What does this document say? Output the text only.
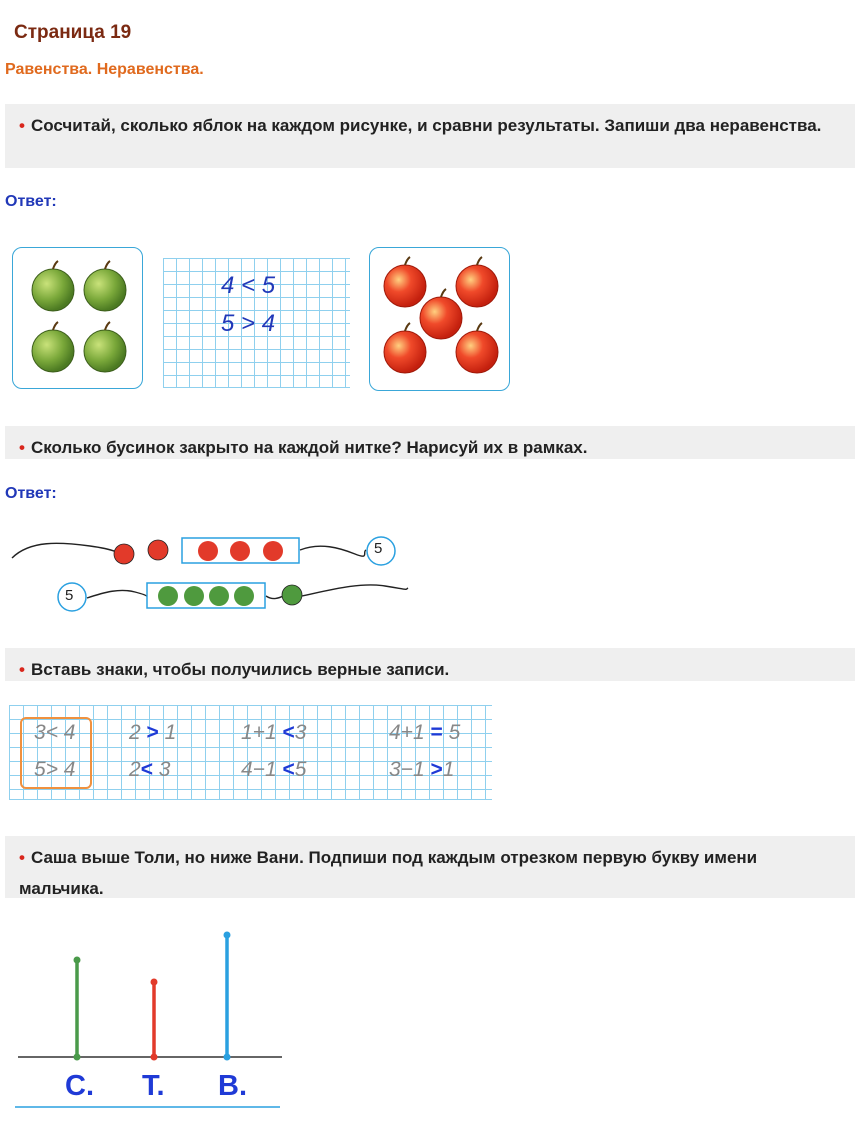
Страница 19
Равенства. Неравенства.
• Сосчитай, сколько яблок на каждом рисунке, и сравни результаты. Запиши два неравенства.
Ответ:
4 < 5
5 > 4
• Сколько бусинок закрыто на каждой нитке? Нарисуй их в рамках.
Ответ:
5
5
• Вставь знаки, чтобы получились верные записи.
3< 4	2 > 1	1+1 <3	4+1 = 5
5> 4	2< 3	4−1 <5	3−1 >1
• Саша выше Толи, но ниже Вани. Подпиши под каждым отрезком первую букву имени мальчика.
С. Т. В.
